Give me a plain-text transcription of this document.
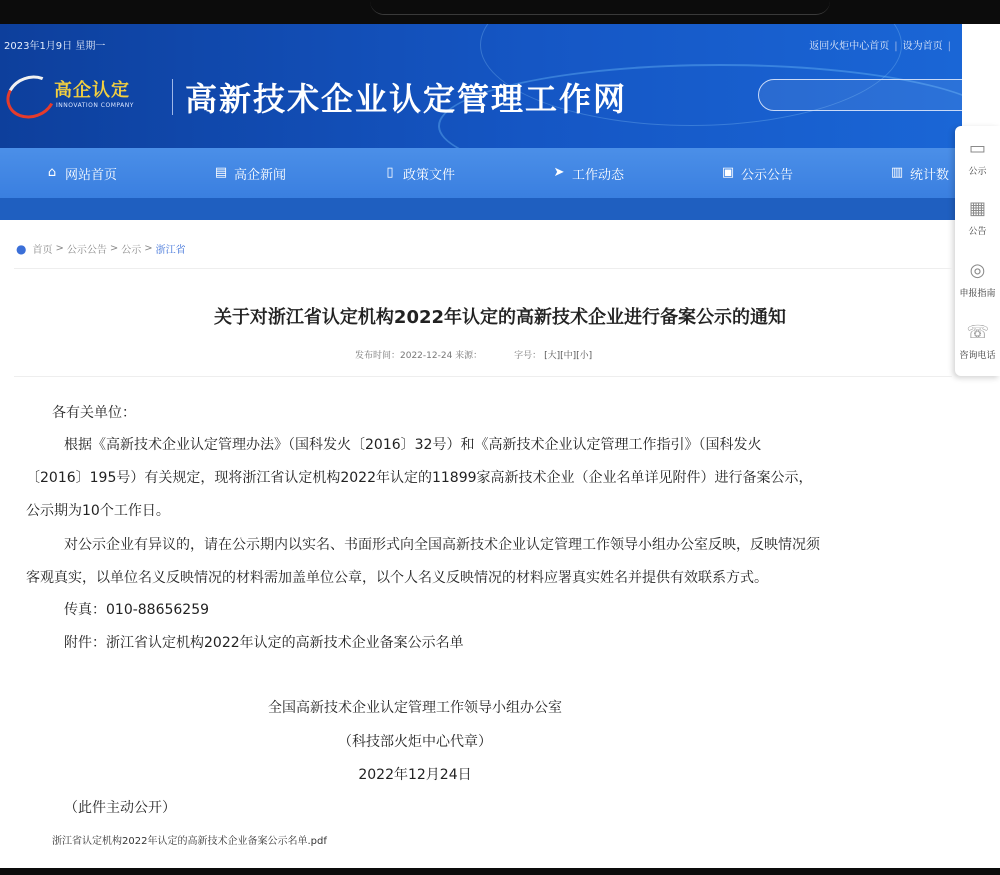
2023年1月9日 星期一	返回火炬中心首页 | 设为首页 |
高企认定
INNOVATION COMPANY 高新技术企业认定管理工作网
⌂ 网站首页	▤ 高企新闻	▯ 政策文件	➤ 工作动态	▣ 公示公告	▥ 统计数
▭
公示
▦
公告
◎
申报指南
☏
咨询电话
● 首页 > 公示公告 > 公示 > 浙江省
关于对浙江省认定机构2022年认定的高新技术企业进行备案公示的通知
发布时间：2022-12-24 来源：	字号： [大][中][小]

各有关单位：

根据《高新技术企业认定管理办法》（国科发火〔2016〕32号）和《高新技术企业认定管理工作指引》（国科发火

〔2016〕195号）有关规定，现将浙江省认定机构2022年认定的11899家高新技术企业（企业名单详见附件）进行备案公示，

公示期为10个工作日。

对公示企业有异议的，请在公示期内以实名、书面形式向全国高新技术企业认定管理工作领导小组办公室反映，反映情况须

客观真实，以单位名义反映情况的材料需加盖单位公章，以个人名义反映情况的材料应署真实姓名并提供有效联系方式。

传真：010-88656259

附件：浙江省认定机构2022年认定的高新技术企业备案公示名单

全国高新技术企业认定管理工作领导小组办公室

（科技部火炬中心代章）

2022年12月24日

（此件主动公开）

浙江省认定机构2022年认定的高新技术企业备案公示名单.pdf
